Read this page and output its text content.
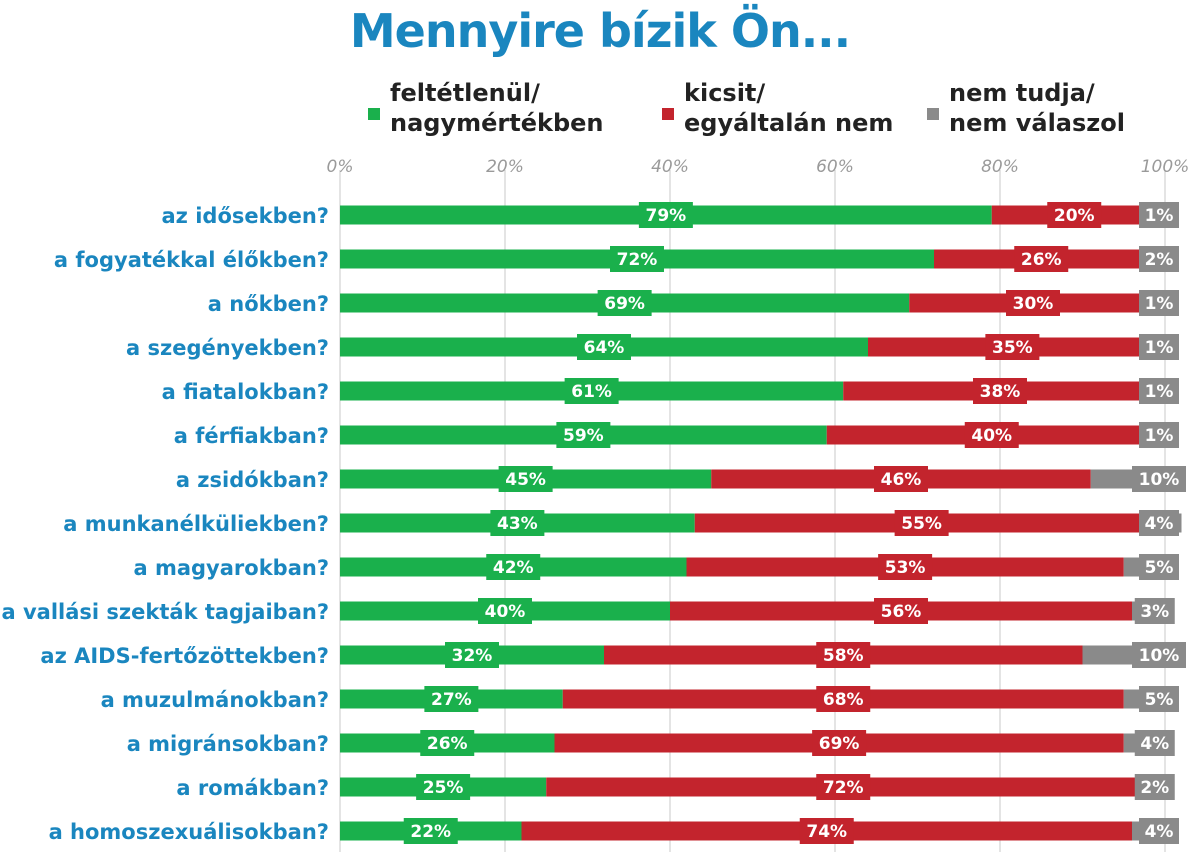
Mennyire bízik Ön...
feltétlenül/
nagymértékben
kicsit/
egyáltalán nem
nem tudja/
nem válaszol
0%	20%	40%	60%	80%	100%
az idősekben?	79%	20%	1%
a fogyatékkal élőkben?	72%	26%	2%
a nőkben?	69%	30%	1%
a szegényekben?	64%	35%	1%
a fiatalokban?	61%	38%	1%
a férfiakban?	59%	40%	1%
a zsidókban?	45%	46%	10%
a munkanélküliekben?	43%	55%	4%
a magyarokban?	42%	53%	5%
a vallási szekták tagjaiban?	40%	56%	3%
az AIDS-fertőzöttekben?	32%	58%	10%
a muzulmánokban?	27%	68%	5%
a migránsokban?	26%	69%	4%
a romákban?	25%	72%	2%
a homoszexuálisokban?	22%	74%	4%
